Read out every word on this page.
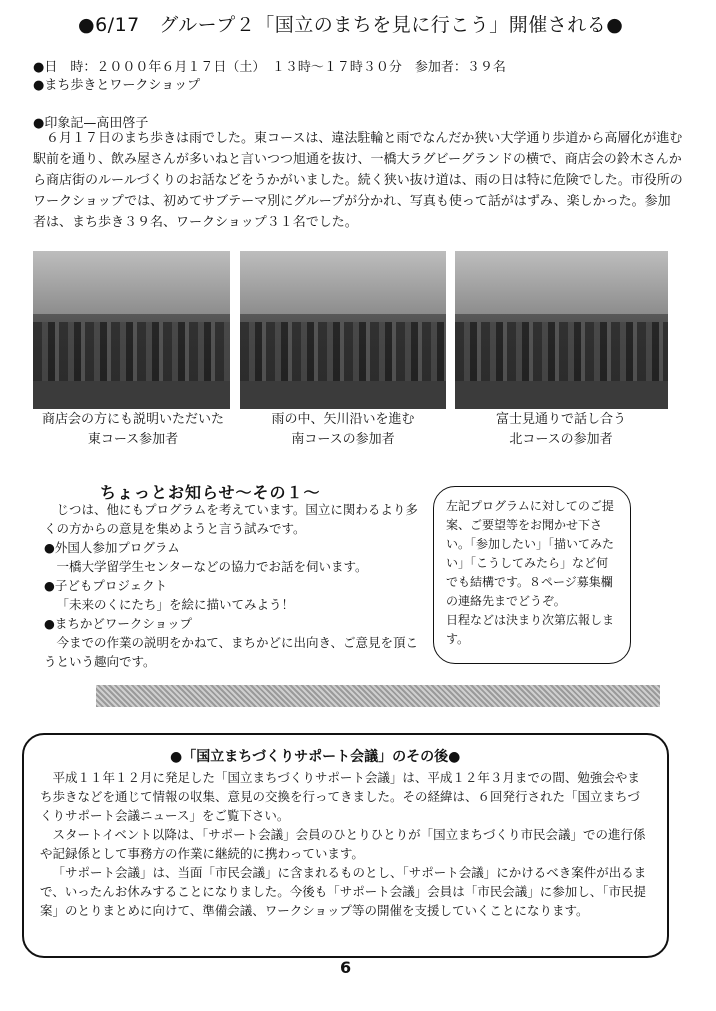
●6/17　グループ２「国立のまちを見に行こう」開催される●
●日　時：２０００年６月１７日（土）　１３時～１７時３０分　参加者：３９名
●まち歩きとワークショップ
●印象記—高田啓子
６月１７日のまち歩きは雨でした。東コースは、違法駐輪と雨でなんだか狭い大学通り歩道から高層化が進む駅前を通り、飲み屋さんが多いねと言いつつ旭通を抜け、一橋大ラグビーグランドの横で、商店会の鈴木さんから商店街のルールづくりのお話などをうかがいました。続く狭い抜け道は、雨の日は特に危険でした。市役所のワークショップでは、初めてサブテーマ別にグループが分かれ、写真も使って話がはずみ、楽しかった。参加者は、まち歩き３９名、ワークショップ３１名でした。
商店会の方にも説明いただいた
東コース参加者
雨の中、矢川沿いを進む
南コースの参加者
富士見通りで話し合う
北コースの参加者
ちょっとお知らせ～その１～

じつは、他にもプログラムを考えています。国立に関わるより多くの方からの意見を集めようと言う試みです。

●外国人参加プログラム

一橋大学留学生センターなどの協力でお話を伺います。

●子どもプロジェクト

「未来のくにたち」を絵に描いてみよう！

●まちかどワークショップ

今までの作業の説明をかねて、まちかどに出向き、ご意見を頂こうという趣向です。

左記プログラムに対してのご提案、ご要望等をお聞かせ下さい。「参加したい」「描いてみたい」「こうしてみたら」など何でも結構です。８ページ募集欄の連絡先までどうぞ。
日程などは決まり次第広報します。
●「国立まちづくりサポート会議」のその後●

平成１１年１２月に発足した「国立まちづくりサポート会議」は、平成１２年３月までの間、勉強会やまち歩きなどを通じて情報の収集、意見の交換を行ってきました。その経緯は、６回発行された「国立まちづくりサポート会議ニュース」をご覧下さい。

スタートイベント以降は、「サポート会議」会員のひとりひとりが「国立まちづくり市民会議」での進行係や記録係として事務方の作業に継続的に携わっています。

「サポート会議」は、当面「市民会議」に含まれるものとし、「サポート会議」にかけるべき案件が出るまで、いったんお休みすることになりました。今後も「サポート会議」会員は「市民会議」に参加し、「市民提案」のとりまとめに向けて、準備会議、ワークショップ等の開催を支援していくことになります。

6
